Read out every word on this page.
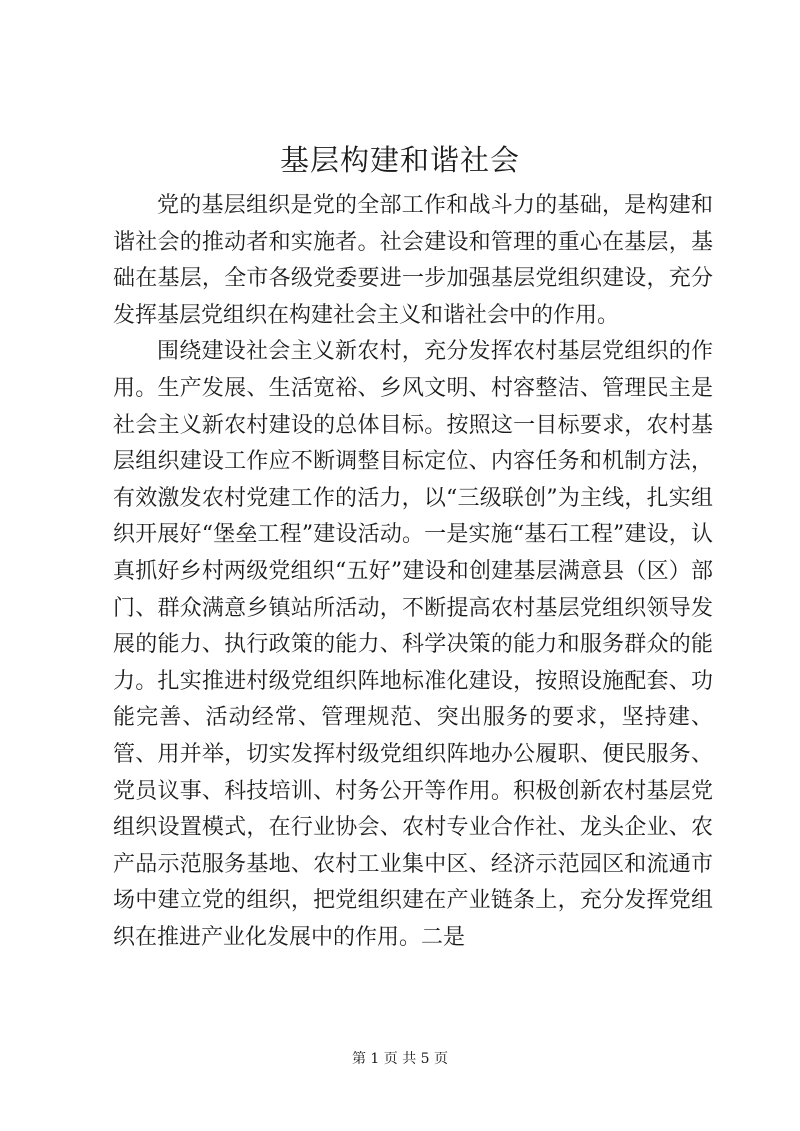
基层构建和谐社会

党的基层组织是党的全部工作和战斗力的基础，是构建和谐社会的推动者和实施者。社会建设和管理的重心在基层，基础在基层，全市各级党委要进一步加强基层党组织建设，充分发挥基层党组织在构建社会主义和谐社会中的作用。

围绕建设社会主义新农村，充分发挥农村基层党组织的作用。生产发展、生活宽裕、乡风文明、村容整洁、管理民主是社会主义新农村建设的总体目标。按照这一目标要求，农村基层组织建设工作应不断调整目标定位、内容任务和机制方法，有效激发农村党建工作的活力，以“三级联创”为主线，扎实组织开展好“堡垒工程”建设活动。一是实施“基石工程”建设，认真抓好乡村两级党组织“五好”建设和创建基层满意县（区）部门、群众满意乡镇站所活动，不断提高农村基层党组织领导发展的能力、执行政策的能力、科学决策的能力和服务群众的能力。扎实推进村级党组织阵地标准化建设，按照设施配套、功能完善、活动经常、管理规范、突出服务的要求，坚持建、管、用并举，切实发挥村级党组织阵地办公履职、便民服务、党员议事、科技培训、村务公开等作用。积极创新农村基层党组织设置模式，在行业协会、农村专业合作社、龙头企业、农产品示范服务基地、农村工业集中区、经济示范园区和流通市场中建立党的组织，把党组织建在产业链条上，充分发挥党组织在推进产业化发展中的作用。二是

第 1 页 共 5 页
